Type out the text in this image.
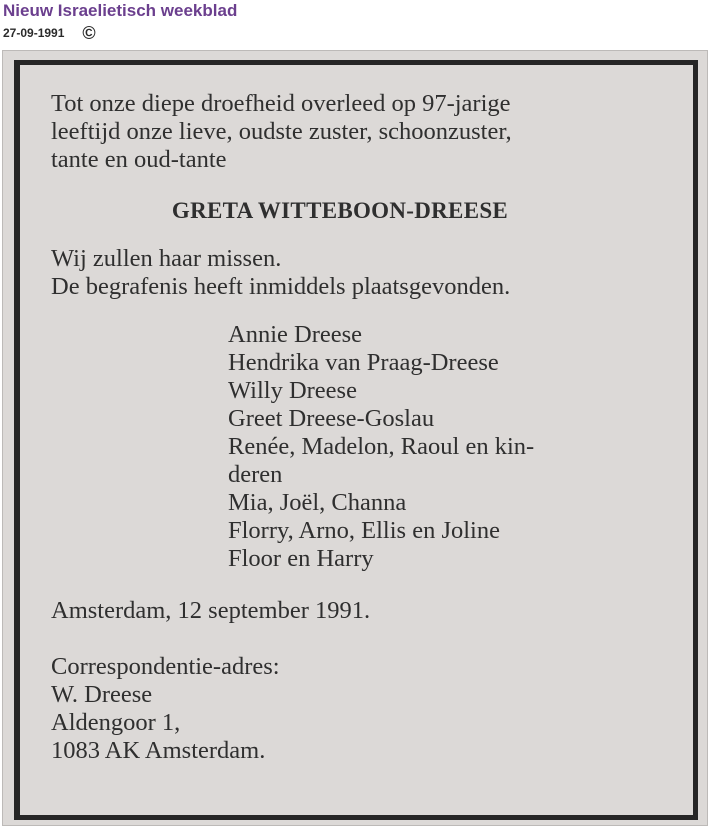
Nieuw Israelietisch weekblad
27-09-1991 ©
Tot onze diepe droefheid overleed op 97-jarige
leeftijd onze lieve, oudste zuster, schoonzuster,
tante en oud-tante
GRETA WITTEBOON-DREESE
Wij zullen haar missen.
De begrafenis heeft inmiddels plaatsgevonden.
Annie Dreese
Hendrika van Praag-Dreese
Willy Dreese
Greet Dreese-Goslau
Renée, Madelon, Raoul en kin-
deren
Mia, Joël, Channa
Florry, Arno, Ellis en Joline
Floor en Harry
Amsterdam, 12 september 1991.
Correspondentie-adres:
W. Dreese
Aldengoor 1,
1083 AK Amsterdam.
